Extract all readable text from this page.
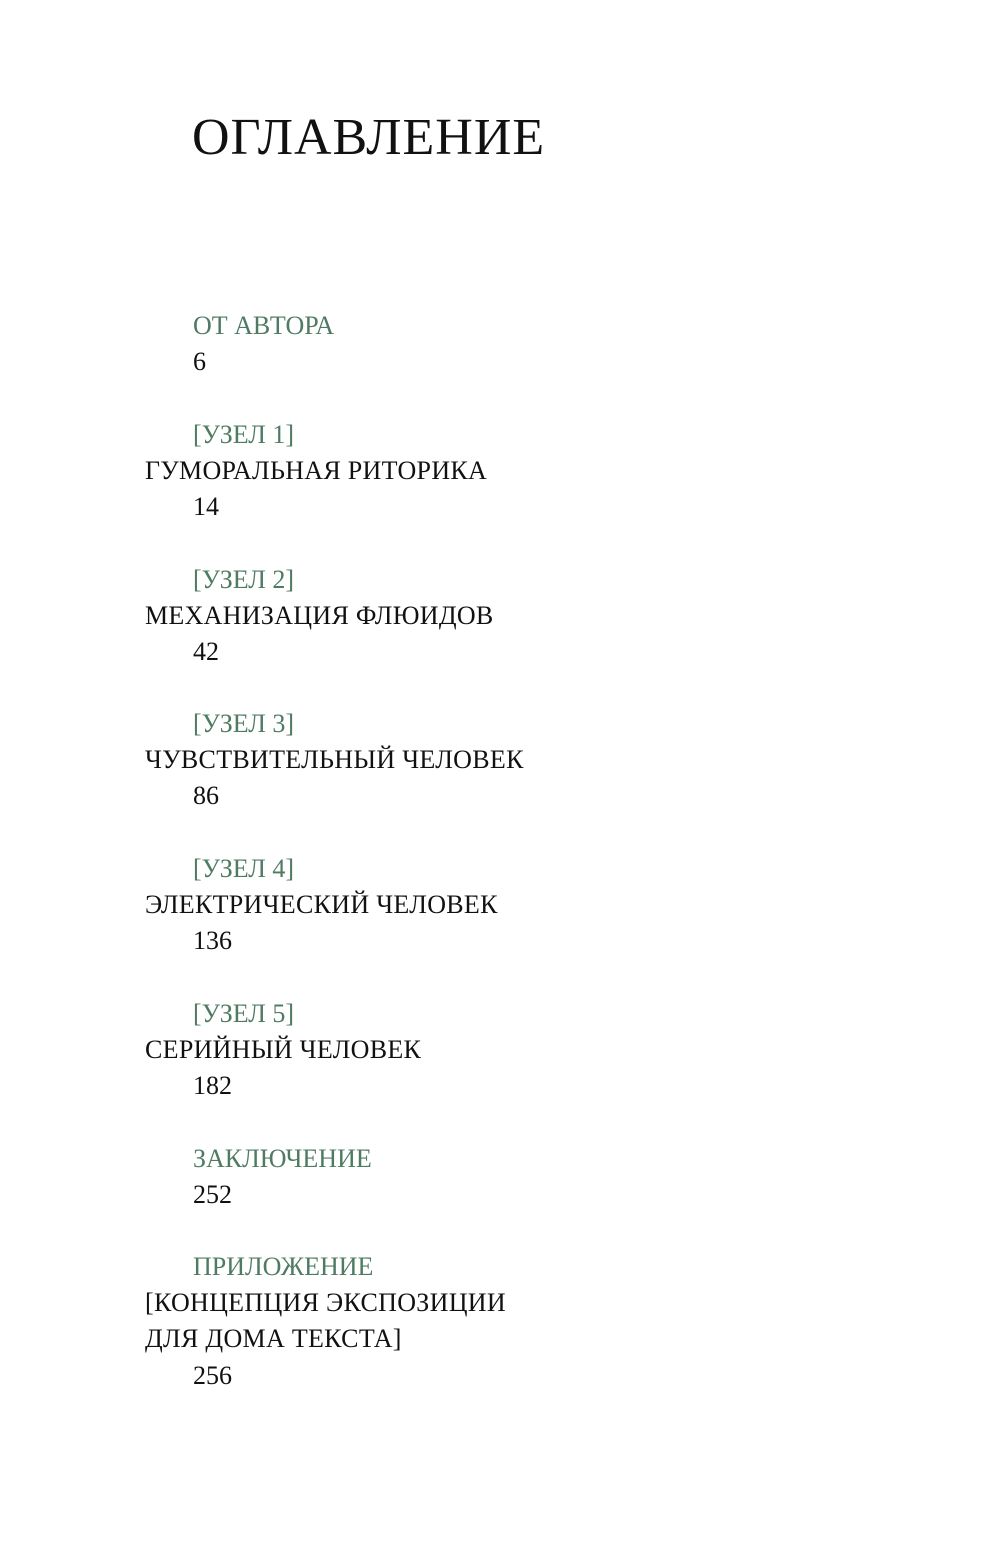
ОГЛАВЛЕНИЕ
ОТ АВТОРА
6
[УЗЕЛ 1]
ГУМОРАЛЬНАЯ РИТОРИКА
14
[УЗЕЛ 2]
МЕХАНИЗАЦИЯ ФЛЮИДОВ
42
[УЗЕЛ 3]
ЧУВСТВИТЕЛЬНЫЙ ЧЕЛОВЕК
86
[УЗЕЛ 4]
ЭЛЕКТРИЧЕСКИЙ ЧЕЛОВЕК
136
[УЗЕЛ 5]
СЕРИЙНЫЙ ЧЕЛОВЕК
182
ЗАКЛЮЧЕНИЕ
252
ПРИЛОЖЕНИЕ
[КОНЦЕПЦИЯ ЭКСПОЗИЦИИ
ДЛЯ ДОМА ТЕКСТА]
256
